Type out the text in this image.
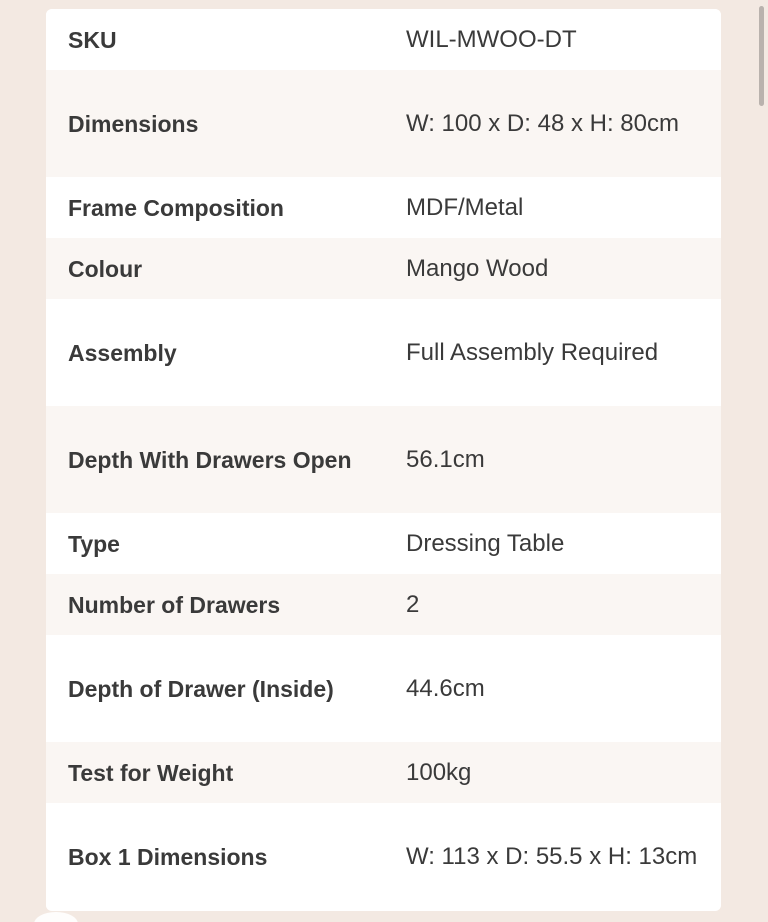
SKU	WIL-MWOO-DT
Dimensions	W: 100 x D: 48 x H: 80cm
Frame Composition	MDF/Metal
Colour	Mango Wood
Assembly	Full Assembly Required
Depth With Drawers Open	56.1cm
Type	Dressing Table
Number of Drawers	2
Depth of Drawer (Inside)	44.6cm
Test for Weight	100kg
Box 1 Dimensions	W: 113 x D: 55.5 x H: 13cm
